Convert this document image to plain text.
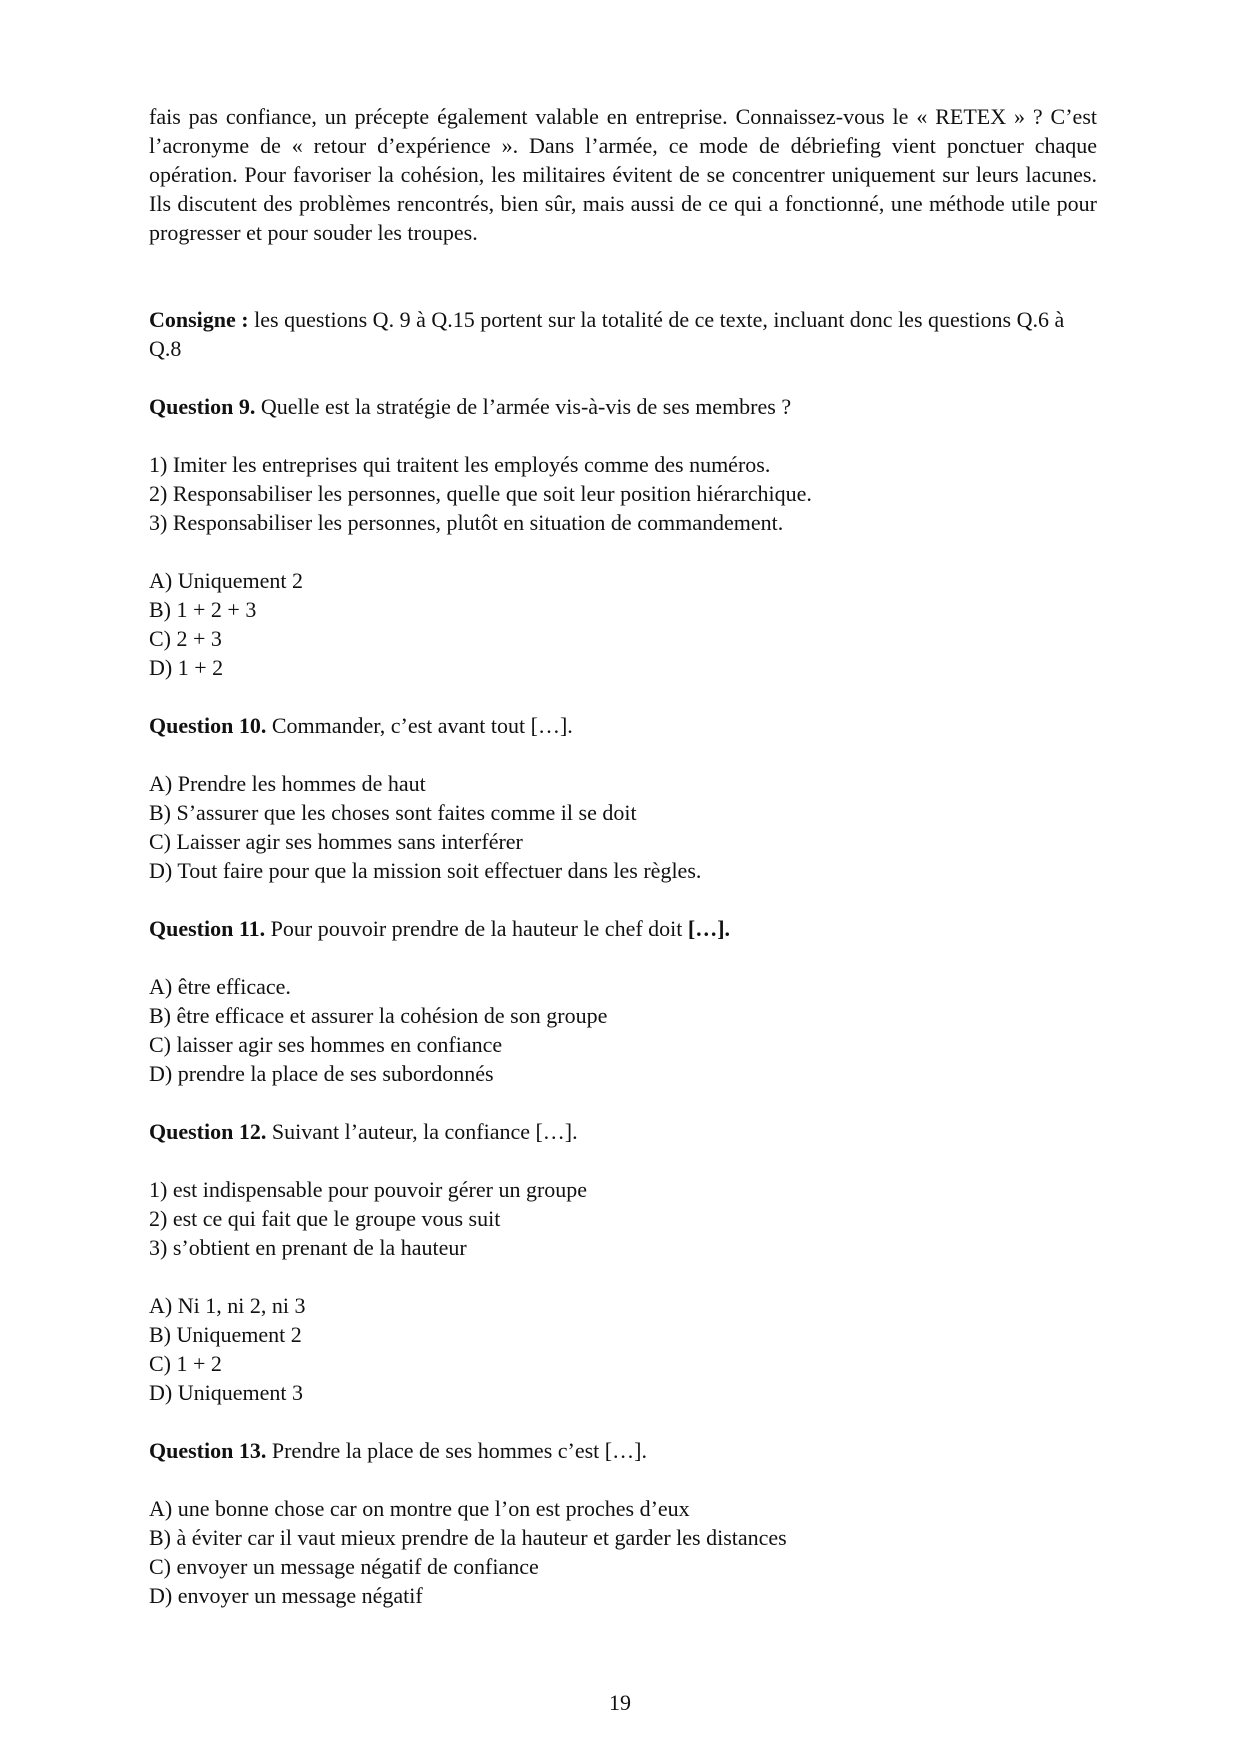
fais pas confiance, un précepte également valable en entreprise. Connaissez-vous le « RETEX » ? C’est l’acronyme de « retour d’expérience ». Dans l’armée, ce mode de débriefing vient ponctuer chaque opération. Pour favoriser la cohésion, les militaires évitent de se concentrer uniquement sur leurs lacunes. Ils discutent des problèmes rencontrés, bien sûr, mais aussi de ce qui a fonctionné, une méthode utile pour progresser et pour souder les troupes.

Consigne : les questions Q. 9 à Q.15 portent sur la totalité de ce texte, incluant donc les questions Q.6 à Q.8

Question 9. Quelle est la stratégie de l’armée vis-à-vis de ses membres ?

1) Imiter les entreprises qui traitent les employés comme des numéros.

2) Responsabiliser les personnes, quelle que soit leur position hiérarchique.

3) Responsabiliser les personnes, plutôt en situation de commandement.

A) Uniquement 2

B) 1 + 2 + 3

C) 2 + 3

D) 1 + 2

Question 10. Commander, c’est avant tout […].

A) Prendre les hommes de haut

B) S’assurer que les choses sont faites comme il se doit

C) Laisser agir ses hommes sans interférer

D) Tout faire pour que la mission soit effectuer dans les règles.

Question 11. Pour pouvoir prendre de la hauteur le chef doit […].

A) être efficace.

B) être efficace et assurer la cohésion de son groupe

C) laisser agir ses hommes en confiance

D) prendre la place de ses subordonnés

Question 12. Suivant l’auteur, la confiance […].

1) est indispensable pour pouvoir gérer un groupe

2) est ce qui fait que le groupe vous suit

3) s’obtient en prenant de la hauteur

A) Ni 1, ni 2, ni 3

B) Uniquement 2

C) 1 + 2

D) Uniquement 3

Question 13. Prendre la place de ses hommes c’est […].

A) une bonne chose car on montre que l’on est proches d’eux

B) à éviter car il vaut mieux prendre de la hauteur et garder les distances

C) envoyer un message négatif de confiance

D) envoyer un message négatif

19
